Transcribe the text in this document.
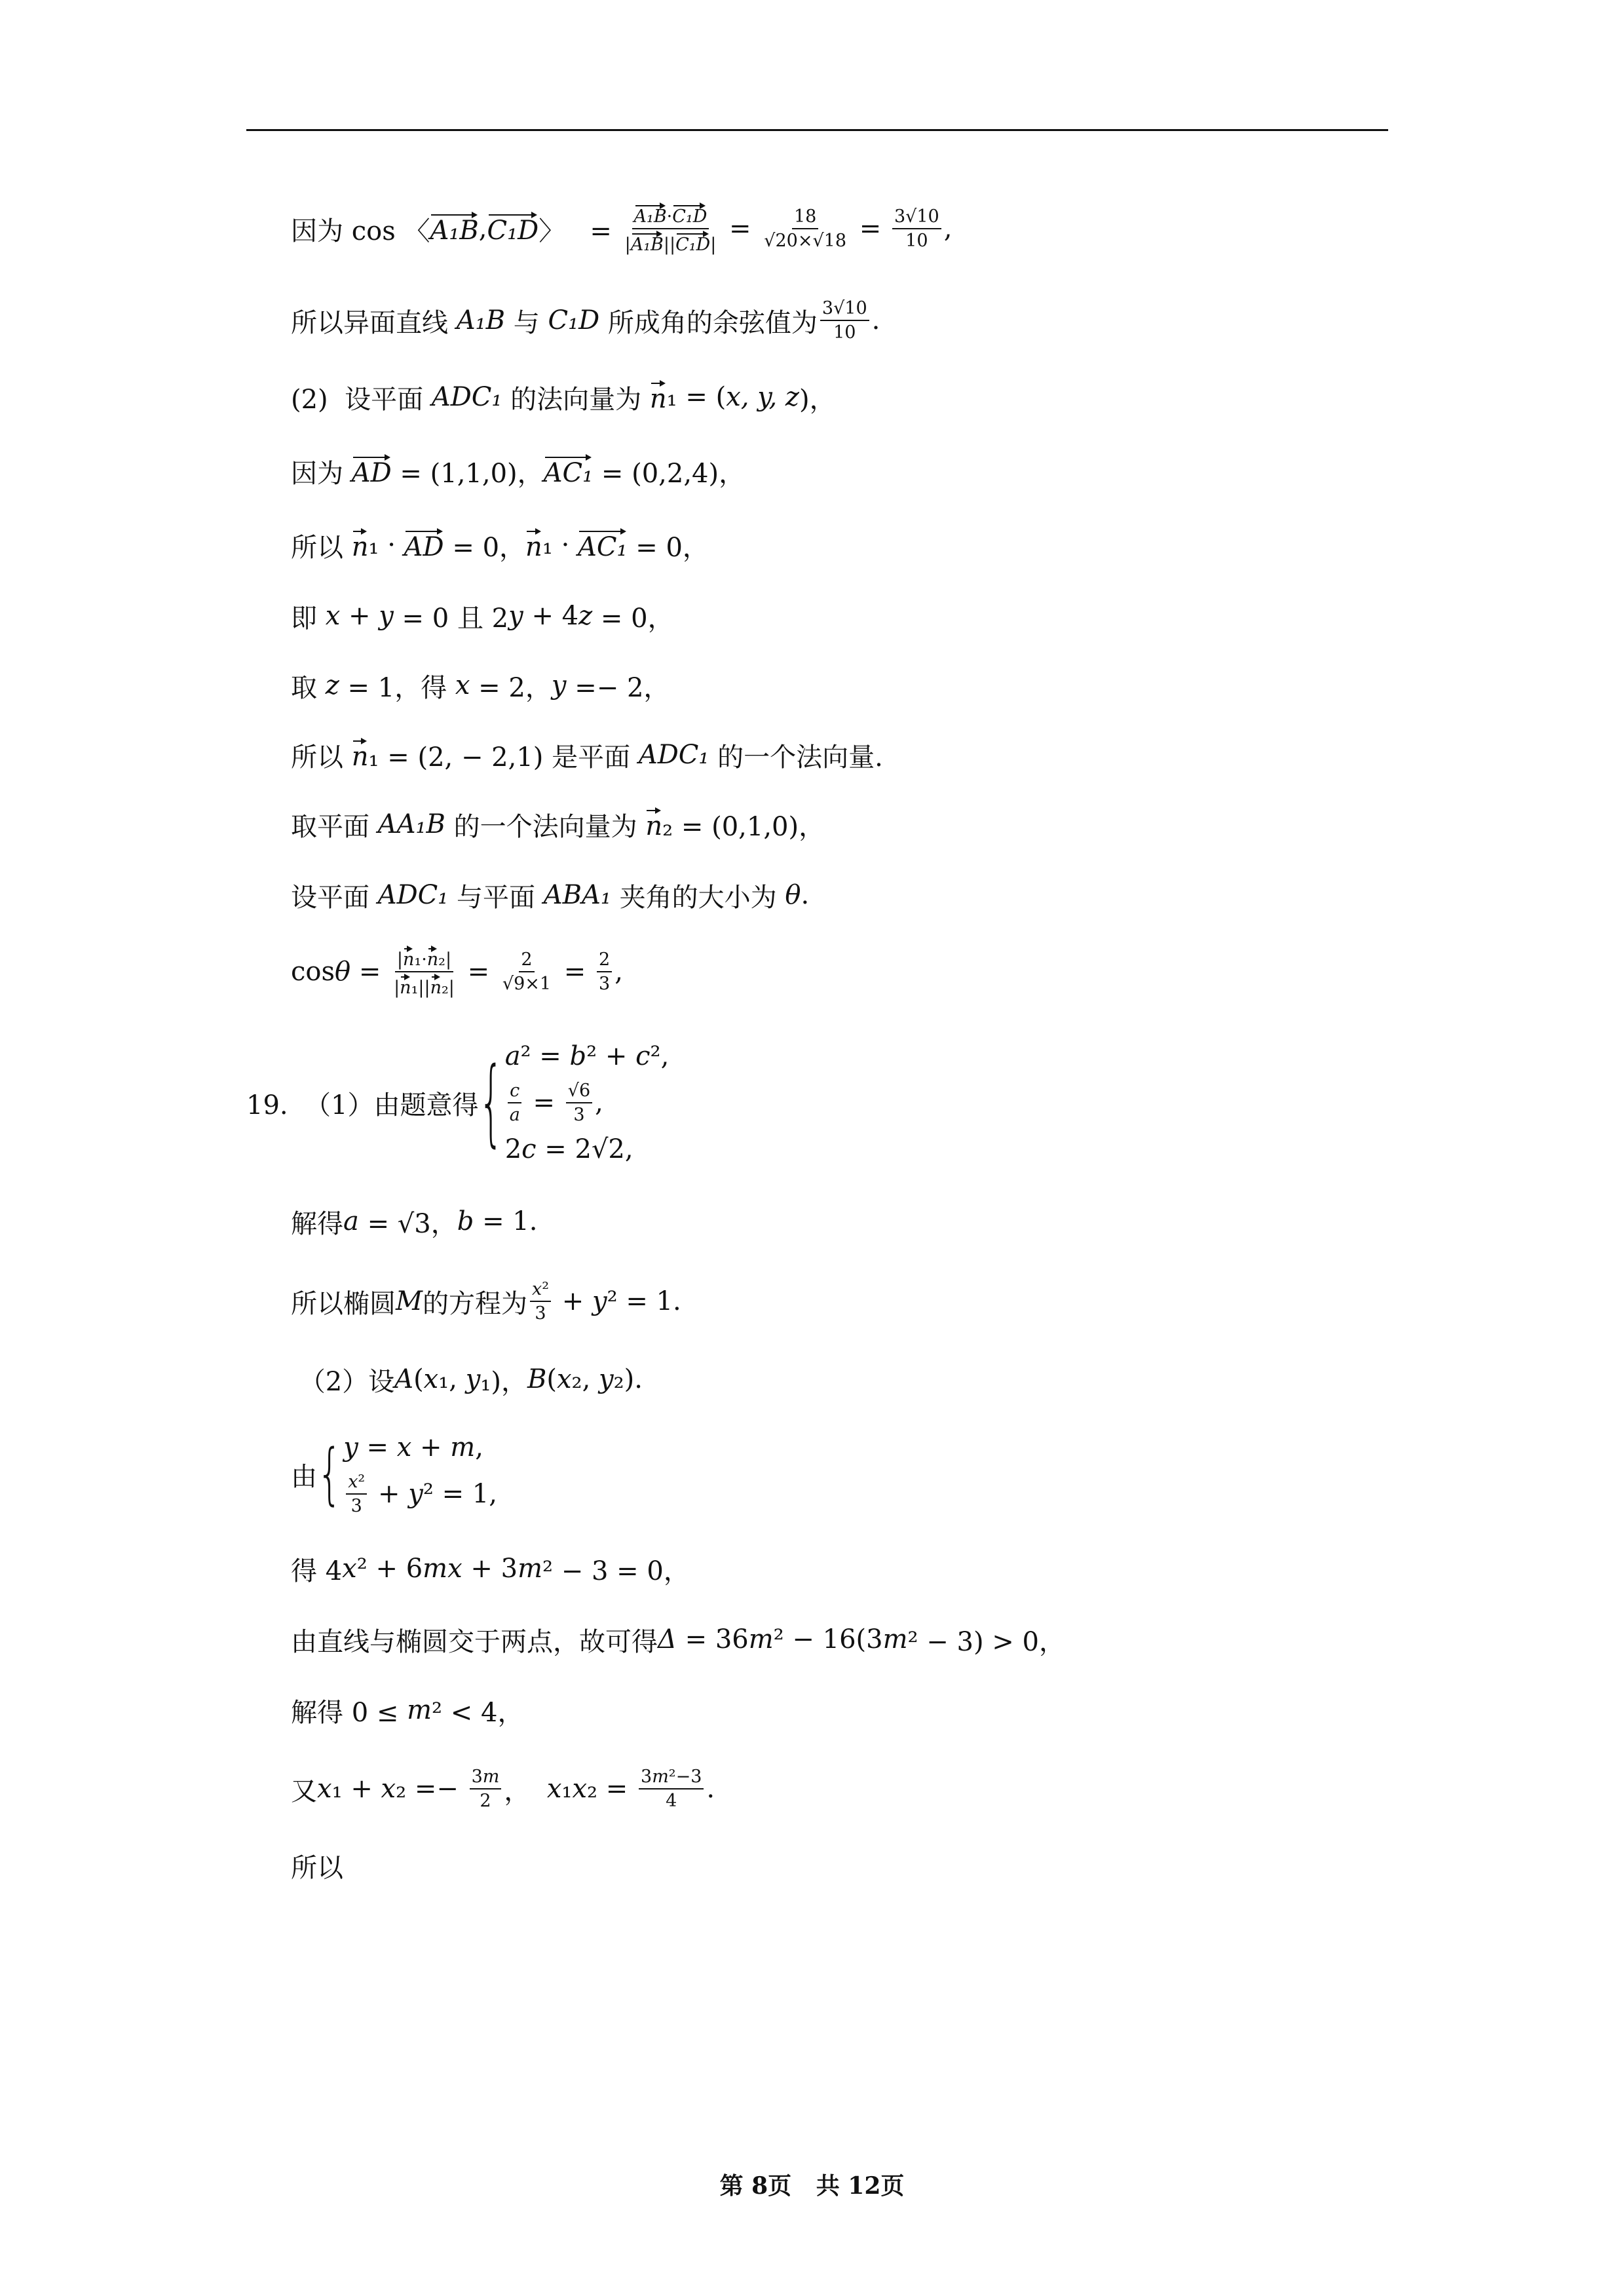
因为 cos 〈 A₁B , C₁D 〉   = $\frac{\text{A₁B·C₁D}}{\text{|A₁B||C₁D|}} = \frac{18}{√20\times√18} = \frac{3√10}{10}$ ,
所以异面直线 A₁B 与 C₁D 所成角的余弦值为 $\frac{3√10}{10}$ .
(2)  设平面 ADC₁ 的法向量为 n ₁ = ( x, y, z )，
因为 AD = (1,1,0)， AC₁ = (0,2,4)，
所以 n ₁ · AD = 0， n ₁ · AC₁ = 0，
即 x + y = 0 且 2 y + 4 z = 0，
取 z = 1，得 x = 2， y =− 2，
所以 n ₁ = (2, − 2,1) 是平面 ADC₁ 的一个法向量.
取平面 AA₁B 的一个法向量为 n ₂ = (0,1,0)，
设平面 ADC₁ 与平面 ABA₁ 夹角的大小为 θ .
$\cos \theta = \frac{\text{|n₁·n₂|}}{\text{|n₁||n₂|}} = \frac{2}{√9\times 1} = \frac{2}{3}$ ,
19.  （1）由题意得 { a ² = b ² + c ²,
$\frac{c}{a} = \frac{√6}{3}$ ,
2 c = 2√2,
解得 a = √3， b = 1.
所以椭圆 M 的方程为 $\frac{\text{x²}}{3} + y$ ² = 1.
（2）设 A ( x ₁, y ₁)， B ( x ₂, y ₂).
由 { y = x + m ,
$\frac{\text{x²}}{3} + y$ ² = 1,
得 4 x ² + 6 mx + 3 m ² − 3 = 0，
由直线与椭圆交于两点，故可得 Δ = 36 m ² − 16(3 m ² − 3) > 0，
解得 0 ≤ m ² < 4，
又 x ₁ + x $_2 =- \frac{3m}{2}$ ， x ₁ x $_2 = \frac{\text{3m²−3}}{4}$ .
所以
第 8页   共 12页
